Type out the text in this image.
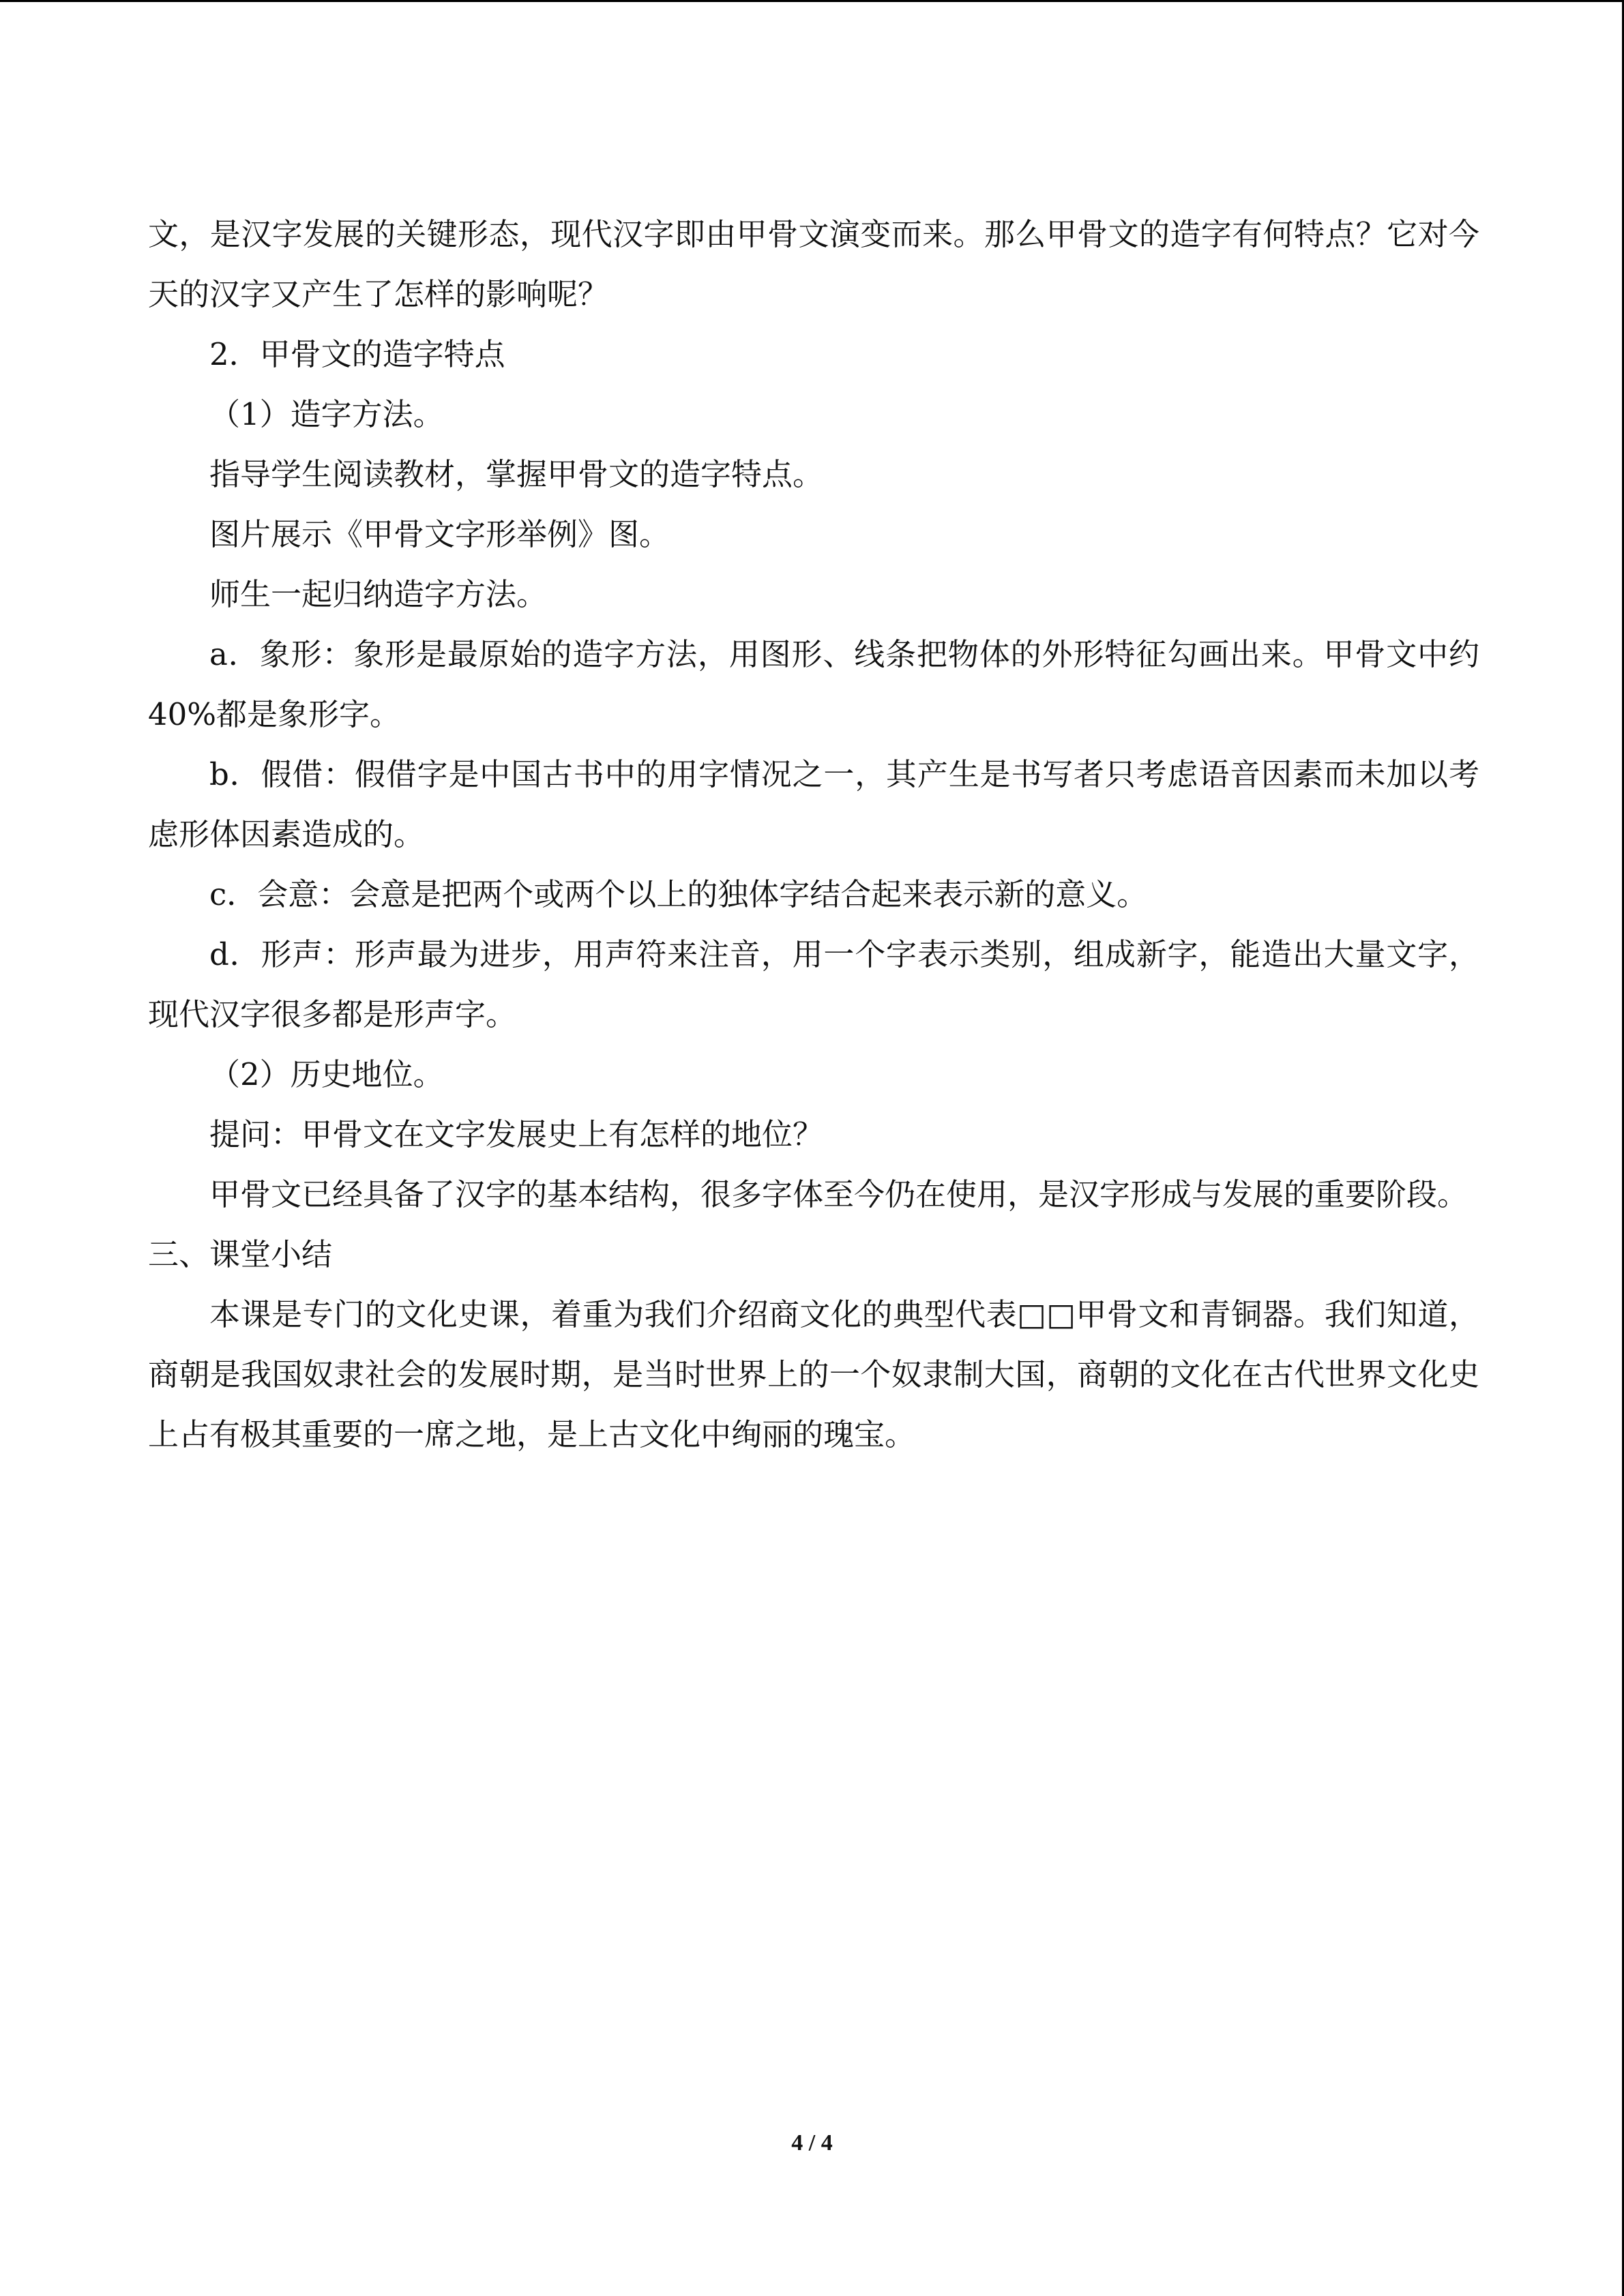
文，是汉字发展的关键形态，现代汉字即由甲骨文演变而来。那么甲骨文的造字有何特点？它对今天的汉字又产生了怎样的影响呢？

2．甲骨文的造字特点

（1）造字方法。

指导学生阅读教材，掌握甲骨文的造字特点。

图片展示《甲骨文字形举例》图。

师生一起归纳造字方法。

a．象形：象形是最原始的造字方法，用图形、线条把物体的外形特征勾画出来。甲骨文中约 40%都是象形字。

b．假借：假借字是中国古书中的用字情况之一，其产生是书写者只考虑语音因素而未加以考虑形体因素造成的。

c．会意：会意是把两个或两个以上的独体字结合起来表示新的意义。

d．形声：形声最为进步，用声符来注音，用一个字表示类别，组成新字，能造出大量文字，现代汉字很多都是形声字。

（2）历史地位。

提问：甲骨文在文字发展史上有怎样的地位？

甲骨文已经具备了汉字的基本结构，很多字体至今仍在使用，是汉字形成与发展的重要阶段。

三、课堂小结

本课是专门的文化史课，着重为我们介绍商文化的典型代表□□甲骨文和青铜器。我们知道，商朝是我国奴隶社会的发展时期，是当时世界上的一个奴隶制大国，商朝的文化在古代世界文化史上占有极其重要的一席之地，是上古文化中绚丽的瑰宝。

4 / 4
